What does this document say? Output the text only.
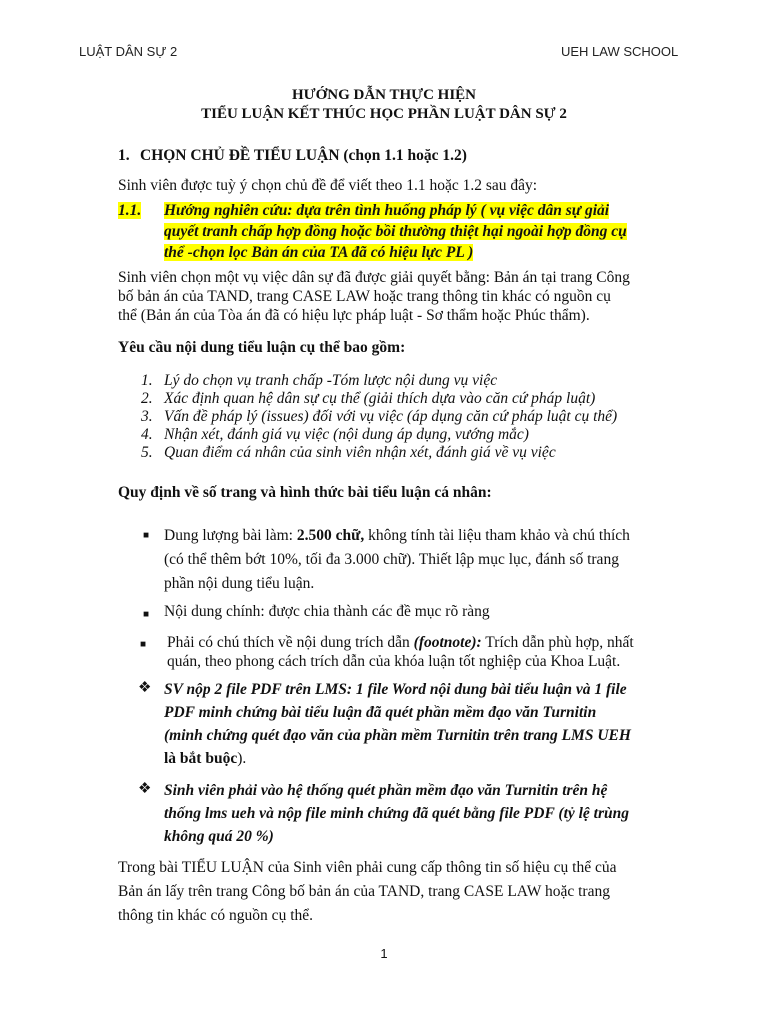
LUẬT DÂN SỰ 2	UEH LAW SCHOOL
HƯỚNG DẪN THỰC HIỆN
TIỂU LUẬN KẾT THÚC HỌC PHẦN LUẬT DÂN SỰ 2
1. CHỌN CHỦ ĐỀ TIỂU LUẬN (chọn 1.1 hoặc 1.2)
Sinh viên được tuỳ ý chọn chủ đề để viết theo 1.1 hoặc 1.2 sau đây:
1.1. Hướng nghiên cứu: dựa trên tình huống pháp lý ( vụ việc dân sự giải
quyết tranh chấp hợp đồng hoặc bồi thường thiệt hại ngoài hợp đồng cụ
thể -chọn lọc Bản án của TA đã có hiệu lực PL )
Sinh viên chọn một vụ việc dân sự đã được giải quyết bằng: Bản án tại trang Công
bố bản án của TAND, trang CASE LAW hoặc trang thông tin khác có nguồn cụ
thể (Bản án của Tòa án đã có hiệu lực pháp luật - Sơ thẩm hoặc Phúc thẩm).
Yêu cầu nội dung tiểu luận cụ thể bao gồm:
1. Lý do chọn vụ tranh chấp -Tóm lược nội dung vụ việc
2. Xác định quan hệ dân sự cụ thể (giải thích dựa vào căn cứ pháp luật)
3. Vấn đề pháp lý (issues) đối với vụ việc (áp dụng căn cứ pháp luật cụ thể)
4. Nhận xét, đánh giá vụ việc (nội dung áp dụng, vướng mắc)
5. Quan điểm cá nhân của sinh viên nhận xét, đánh giá về vụ việc
Quy định về số trang và hình thức bài tiểu luận cá nhân:
■ Dung lượng bài làm: 2.500 chữ, không tính tài liệu tham khảo và chú thích
(có thể thêm bớt 10%, tối đa 3.000 chữ). Thiết lập mục lục, đánh số trang
phần nội dung tiểu luận.
■ Nội dung chính: được chia thành các đề mục rõ ràng
■ Phải có chú thích về nội dung trích dẫn (footnote): Trích dẫn phù hợp, nhất
quán, theo phong cách trích dẫn của khóa luận tốt nghiệp của Khoa Luật.
❖ SV nộp 2 file PDF trên LMS: 1 file Word nội dung bài tiểu luận và 1 file
PDF minh chứng bài tiểu luận đã quét phần mềm đạo văn Turnitin
(minh chứng quét đạo văn của phần mềm Turnitin trên trang LMS UEH
là bắt buộc).
❖ Sinh viên phải vào hệ thống quét phần mềm đạo văn Turnitin trên hệ
thống lms ueh và nộp file minh chứng đã quét bằng file PDF (tỷ lệ trùng
không quá 20 %)
Trong bài TIỂU LUẬN của Sinh viên phải cung cấp thông tin số hiệu cụ thể của
Bản án lấy trên trang Công bố bản án của TAND, trang CASE LAW hoặc trang
thông tin khác có nguồn cụ thể.
1
